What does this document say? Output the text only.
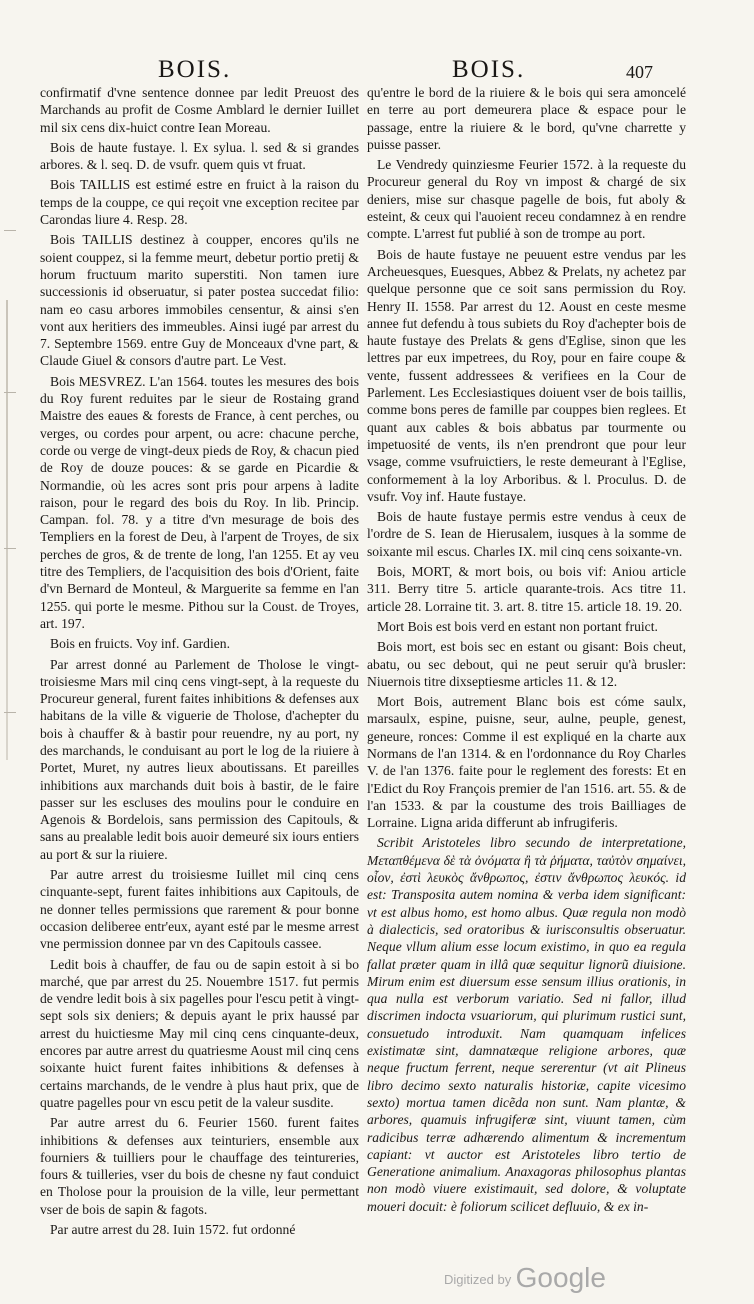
BOIS.	BOIS.	407

confirmatif d'vne sentence donnee par ledit Preuost des Marchands au profit de Cosme Amblard le dernier Iuillet mil six cens dix-huict contre Iean Moreau.

Bois de haute fustaye. l. Ex sylua. l. sed & si grandes arbores. & l. seq. D. de vsufr. quem quis vt fruat.

Bois TAILLIS est estimé estre en fruict à la raison du temps de la couppe, ce qui reçoit vne exception recitee par Carondas liure 4. Resp. 28.

Bois TAILLIS destinez à coupper, encores qu'ils ne soient couppez, si la femme meurt, debetur portio pretij & horum fructuum marito superstiti. Non tamen iure successionis id obseruatur, si pater postea succedat filio: nam eo casu arbores immobiles censentur, & ainsi s'en vont aux heritiers des immeubles. Ainsi iugé par arrest du 7. Septembre 1569. entre Guy de Monceaux d'vne part, & Claude Giuel & consors d'autre part. Le Vest.

Bois MESVREZ. L'an 1564. toutes les mesures des bois du Roy furent reduites par le sieur de Rostaing grand Maistre des eaues & forests de France, à cent perches, ou verges, ou cordes pour arpent, ou acre: chacune perche, corde ou verge de vingt-deux pieds de Roy, & chacun pied de Roy de douze pouces: & se garde en Picardie & Normandie, où les acres sont pris pour arpens à ladite raison, pour le regard des bois du Roy. In lib. Princip. Campan. fol. 78. y a titre d'vn mesurage de bois des Templiers en la forest de Deu, à l'arpent de Troyes, de six perches de gros, & de trente de long, l'an 1255. Et ay veu titre des Templiers, de l'acquisition des bois d'Orient, faite d'vn Bernard de Monteul, & Marguerite sa femme en l'an 1255. qui porte le mesme. Pithou sur la Coust. de Troyes, art. 197.

Bois en fruicts. Voy inf. Gardien.

Par arrest donné au Parlement de Tholose le vingt-troisiesme Mars mil cinq cens vingt-sept, à la requeste du Procureur general, furent faites inhibitions & defenses aux habitans de la ville & viguerie de Tholose, d'achepter du bois à chauffer & à bastir pour reuendre, ny au port, ny des marchands, le conduisant au port le log de la riuiere à Portet, Muret, ny autres lieux aboutissans. Et pareilles inhibitions aux marchands duit bois à bastir, de le faire passer sur les escluses des moulins pour le conduire en Agenois & Bordelois, sans permission des Capitouls, & sans au prealable ledit bois auoir demeuré six iours entiers au port & sur la riuiere.

Par autre arrest du troisiesme Iuillet mil cinq cens cinquante-sept, furent faites inhibitions aux Capitouls, de ne donner telles permissions que rarement & pour bonne occasion deliberee entr'eux, ayant esté par le mesme arrest vne permission donnee par vn des Capitouls cassee.

Ledit bois à chauffer, de fau ou de sapin estoit à si bo marché, que par arrest du 25. Nouembre 1517. fut permis de vendre ledit bois à six pagelles pour l'escu petit à vingt-sept sols six deniers; & depuis ayant le prix haussé par arrest du huictiesme May mil cinq cens cinquante-deux, encores par autre arrest du quatriesme Aoust mil cinq cens soixante huict furent faites inhibitions & defenses à certains marchands, de le vendre à plus haut prix, que de quatre pagelles pour vn escu petit de la valeur susdite.

Par autre arrest du 6. Feurier 1560. furent faites inhibitions & defenses aux teinturiers, ensemble aux fourniers & tuilliers pour le chauffage des teintureries, fours & tuilleries, vser du bois de chesne ny faut conduict en Tholose pour la prouision de la ville, leur permettant vser de bois de sapin & fagots.

Par autre arrest du 28. Iuin 1572. fut ordonné

qu'entre le bord de la riuiere & le bois qui sera amoncelé en terre au port demeurera place & espace pour le passage, entre la riuiere & le bord, qu'vne charrette y puisse passer.

Le Vendredy quinziesme Feurier 1572. à la requeste du Procureur general du Roy vn impost & chargé de six deniers, mise sur chasque pagelle de bois, fut aboly & esteint, & ceux qui l'auoient receu condamnez à en rendre compte. L'arrest fut publié à son de trompe au port.

Bois de haute fustaye ne peuuent estre vendus par les Archeuesques, Euesques, Abbez & Prelats, ny achetez par quelque personne que ce soit sans permission du Roy. Henry II. 1558. Par arrest du 12. Aoust en ceste mesme annee fut defendu à tous subiets du Roy d'achepter bois de haute fustaye des Prelats & gens d'Eglise, sinon que les lettres par eux impetrees, du Roy, pour en faire coupe & vente, fussent addressees & verifiees en la Cour de Parlement. Les Ecclesiastiques doiuent vser de bois taillis, comme bons peres de famille par couppes bien reglees. Et quant aux cables & bois abbatus par tourmente ou impetuosité de vents, ils n'en prendront que pour leur vsage, comme vsufruictiers, le reste demeurant à l'Eglise, conformement à la loy Arboribus. & l. Proculus. D. de vsufr. Voy inf. Haute fustaye.

Bois de haute fustaye permis estre vendus à ceux de l'ordre de S. Iean de Hierusalem, iusques à la somme de soixante mil escus. Charles IX. mil cinq cens soixante-vn.

Bois, MORT, & mort bois, ou bois vif: Aniou article 311. Berry titre 5. article quarante-trois. Acs titre 11. article 28. Lorraine tit. 3. art. 8. titre 15. article 18. 19. 20.

Mort Bois est bois verd en estant non portant fruict.

Bois mort, est bois sec en estant ou gisant: Bois cheut, abatu, ou sec debout, qui ne peut seruir qu'à brusler: Niuernois titre dixseptiesme articles 11. & 12.

Mort Bois, autrement Blanc bois est cóme saulx, marsaulx, espine, puisne, seur, aulne, peuple, genest, geneure, ronces: Comme il est expliqué en la charte aux Normans de l'an 1314. & en l'ordonnance du Roy Charles V. de l'an 1376. faite pour le reglement des forests: Et en l'Edict du Roy François premier de l'an 1516. art. 55. & de l'an 1533. & par la coustume des trois Bailliages de Lorraine. Ligna arida differunt ab infrugiferis.

Scribit Aristoteles libro secundo de interpretatione, Μεταπθέμενα δὲ τὰ ὀνόματα ἢ τὰ ῥήματα, ταὐτὸν σημαίνει, οἷον, ἐστὶ λευκὸς ἄνθρωπος, ἐστιν ἄνθρωπος λευκός. id est: Transposita autem nomina & verba idem significant: vt est albus homo, est homo albus. Quæ regula non modò à dialecticis, sed oratoribus & iurisconsultis obseruatur. Neque vllum alium esse locum existimo, in quo ea regula fallat præter quam in illâ quæ sequitur lignorũ diuisione. Mirum enim est diuersum esse sensum illius orationis, in qua nulla est verborum variatio. Sed ni fallor, illud discrimen indocta vsuariorum, qui plurimum rustici sunt, consuetudo introduxit. Nam quamquam infelices existimatæ sint, damnatæque religione arbores, quæ neque fructum ferrent, neque sererentur (vt ait Plineus libro decimo sexto naturalis historiæ, capite vicesimo sexto) mortua tamen dicẽda non sunt. Nam plantæ, & arbores, quamuis infrugiferæ sint, viuunt tamen, cùm radicibus terræ adhærendo alimentum & incrementum capiant: vt auctor est Aristoteles libro tertio de Generatione animalium. Anaxagoras philosophus plantas non modò viuere existimauit, sed dolore, & voluptate moueri docuit: è foliorum scilicet defluuio, & ex in-

Digitized by Google
